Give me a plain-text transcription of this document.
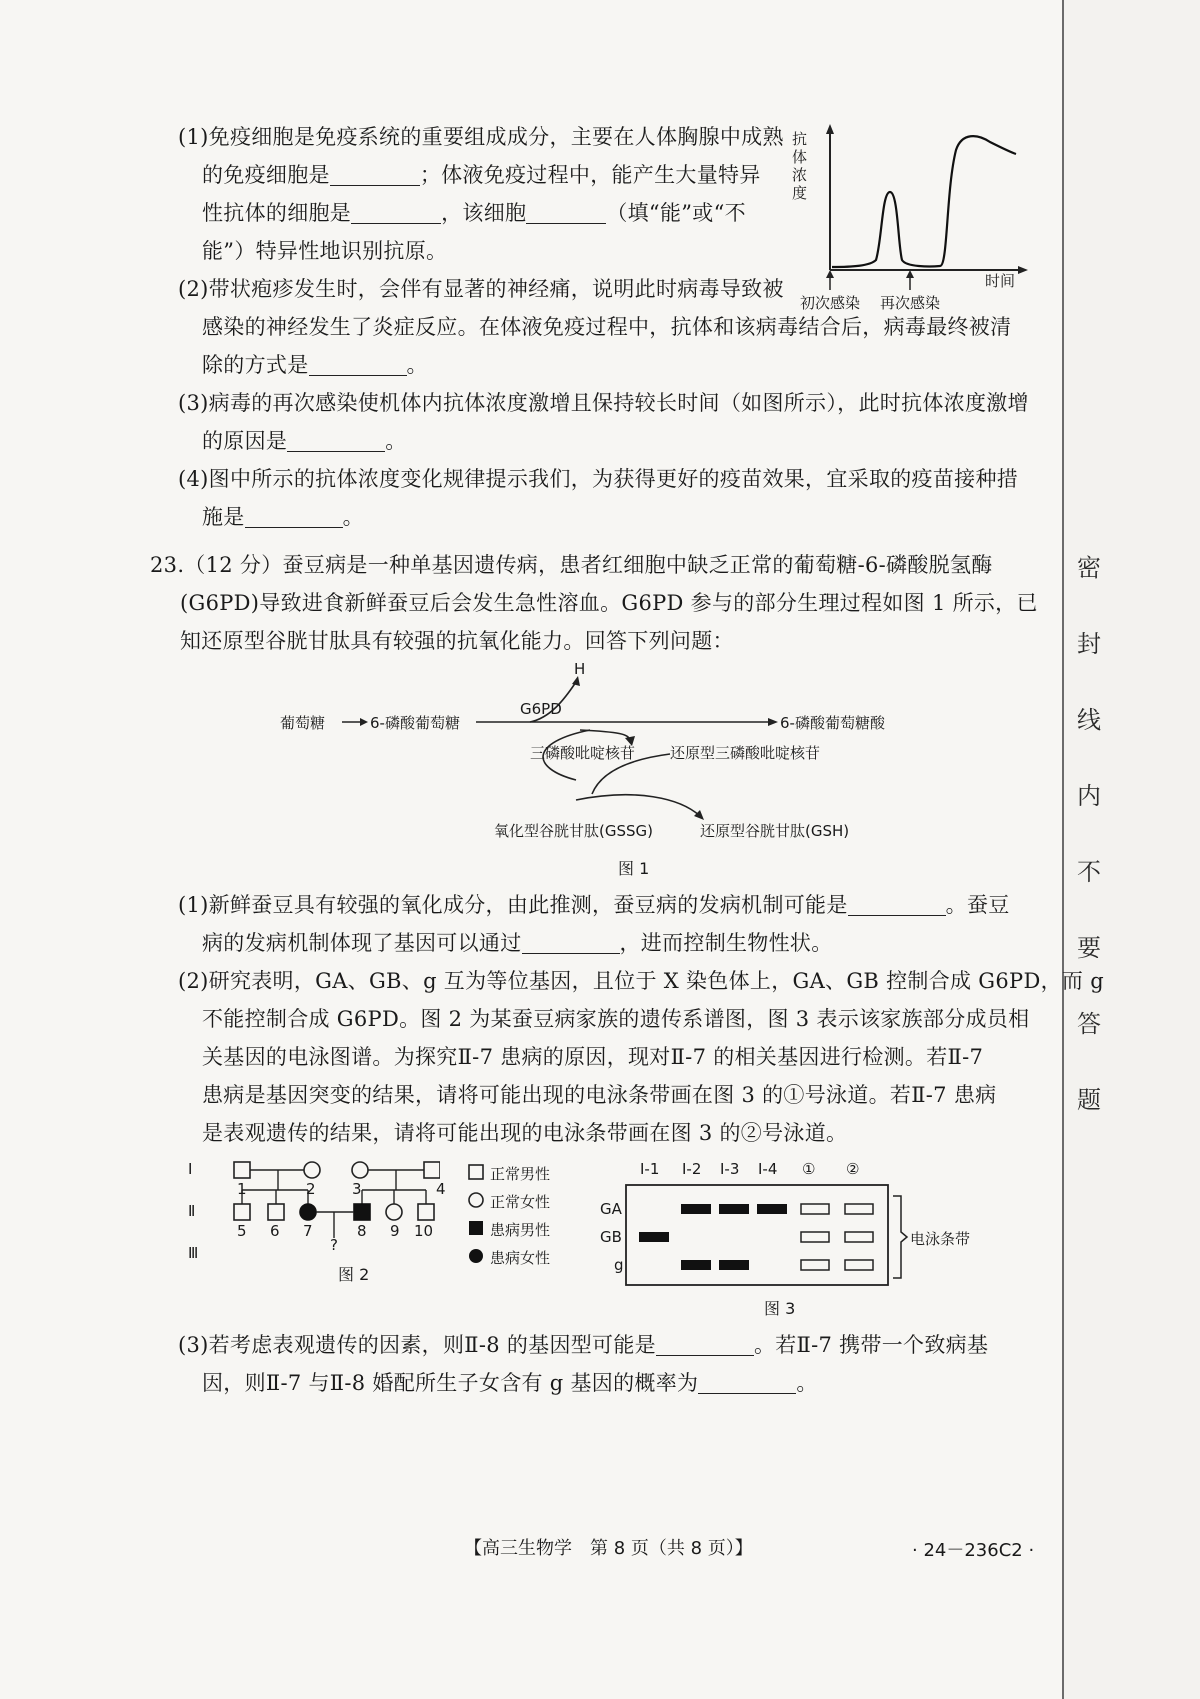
密
封
线
内
不
要
答
题
(1)免疫细胞是免疫系统的重要组成成分，主要在人体胸腺中成熟
的免疫细胞是	；体液免疫过程中，能产生大量特异
性抗体的细胞是	，该细胞	（填“能”或“不
能”）特异性地识别抗原。
(2)带状疱疹发生时，会伴有显著的神经痛，说明此时病毒导致被
感染的神经发生了炎症反应。在体液免疫过程中，抗体和该病毒结合后，病毒最终被清
除的方式是	。
(3)病毒的再次感染使机体内抗体浓度激增且保持较长时间（如图所示），此时抗体浓度激增
的原因是	。
(4)图中所示的抗体浓度变化规律提示我们，为获得更好的疫苗效果，宜采取的疫苗接种措
施是	。
抗体浓度
时间
初次感染 再次感染
23.（12 分）蚕豆病是一种单基因遗传病，患者红细胞中缺乏正常的葡萄糖-6-磷酸脱氢酶
(G6PD)导致进食新鲜蚕豆后会发生急性溶血。G6PD 参与的部分生理过程如图 1 所示，已
知还原型谷胱甘肽具有较强的抗氧化能力。回答下列问题：
葡萄糖	6-磷酸葡萄糖
G6PD
H
6-磷酸葡萄糖酸
三磷酸吡啶核苷 还原型三磷酸吡啶核苷
氧化型谷胱甘肽(GSSG)	还原型谷胱甘肽(GSH)
图 1
(1)新鲜蚕豆具有较强的氧化成分，由此推测，蚕豆病的发病机制可能是	。蚕豆
病的发病机制体现了基因可以通过	，进而控制生物性状。
(2)研究表明，GA、GB、g 互为等位基因，且位于 X 染色体上，GA、GB 控制合成 G6PD，而 g
不能控制合成 G6PD。图 2 为某蚕豆病家族的遗传系谱图，图 3 表示该家族部分成员相
关基因的电泳图谱。为探究Ⅱ-7 患病的原因，现对Ⅱ-7 的相关基因进行检测。若Ⅱ-7
患病是基因突变的结果，请将可能出现的电泳条带画在图 3 的①号泳道。若Ⅱ-7 患病
是表观遗传的结果，请将可能出现的电泳条带画在图 3 的②号泳道。
Ⅰ
Ⅱ
Ⅲ
1	2 3	4
5 6 7	8 9 10
?
图 2
正常男性
正常女性
患病男性
患病女性
Ⅰ-1 Ⅰ-2 Ⅰ-3 Ⅰ-4 ① ②
GA
GB
g
电泳条带
图 3
(3)若考虑表观遗传的因素，则Ⅱ-8 的基因型可能是	。若Ⅱ-7 携带一个致病基
因，则Ⅱ-7 与Ⅱ-8 婚配所生子女含有 g 基因的概率为	。
【高三生物学　第 8 页（共 8 页）】	· 24－236C2 ·
